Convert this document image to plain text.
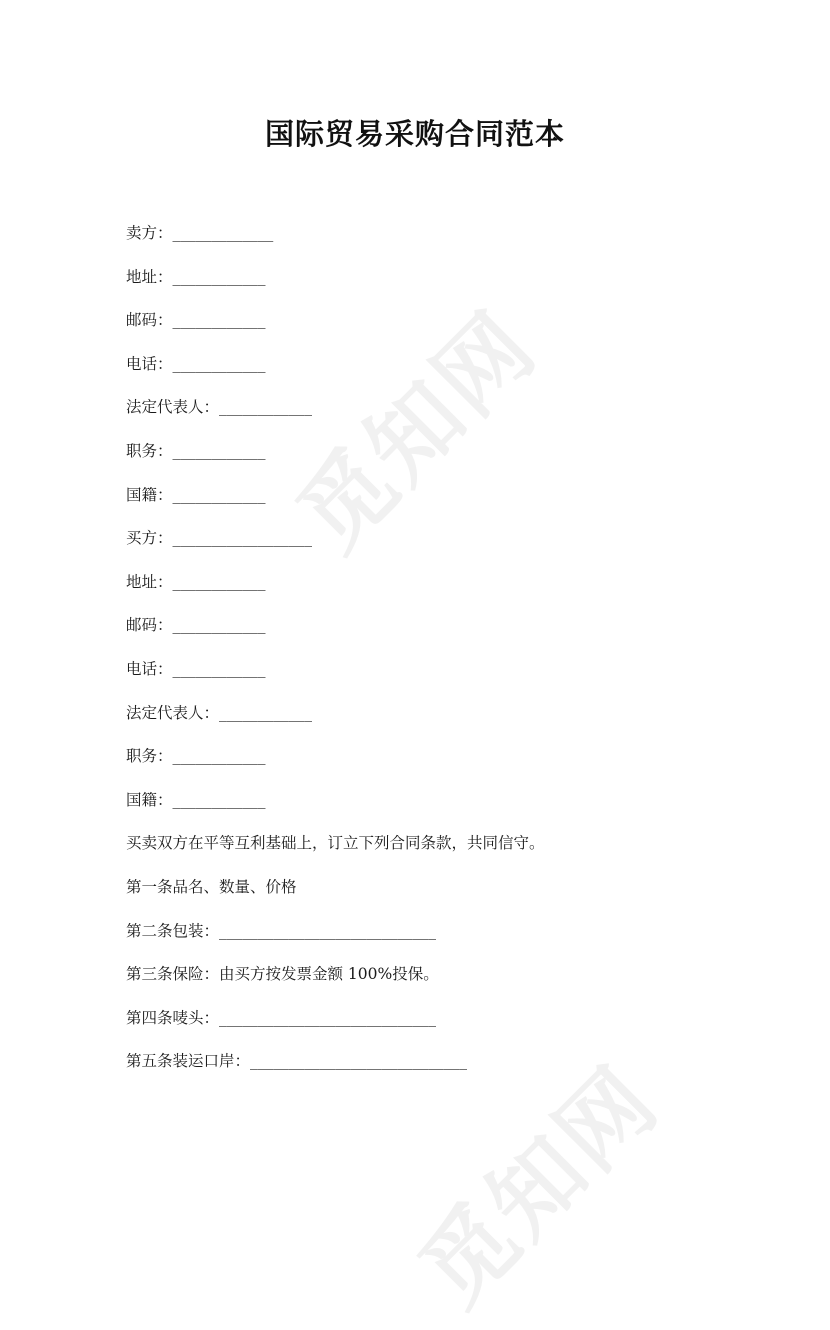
觅知网
觅知网
国际贸易采购合同范本
卖方：_____________
地址：____________
邮码：____________
电话：____________
法定代表人：____________
职务：____________
国籍：____________
买方：__________________
地址：____________
邮码：____________
电话：____________
法定代表人：____________
职务：____________
国籍：____________
买卖双方在平等互利基础上，订立下列合同条款，共同信守。
第一条品名、数量、价格
第二条包装：____________________________
第三条保险：由买方按发票金额 100%投保。
第四条唛头：____________________________
第五条装运口岸：____________________________
